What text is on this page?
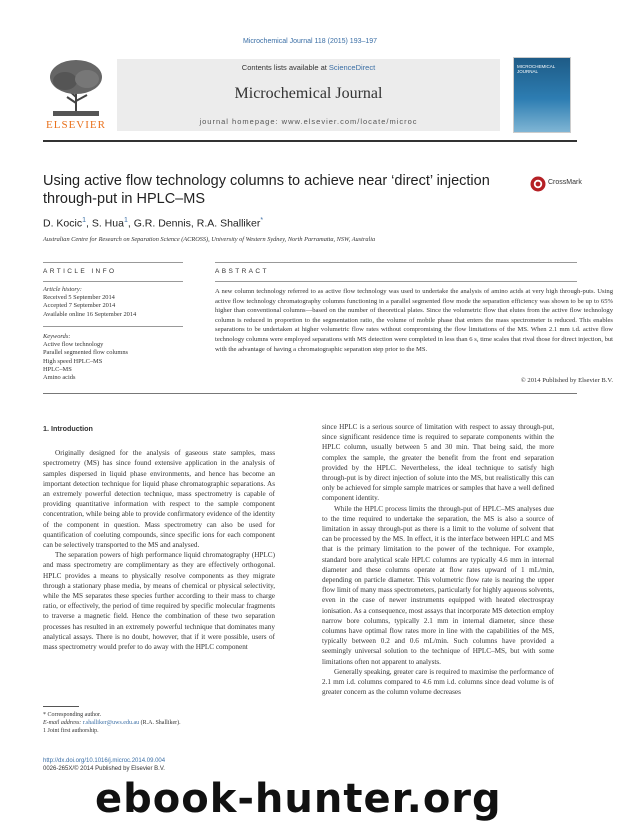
Microchemical Journal 118 (2015) 193–197
ELSEVIER
Contents lists available at ScienceDirect
Microchemical Journal
journal homepage: www.elsevier.com/locate/microc
MICROCHEMICAL JOURNAL
Using active flow technology columns to achieve near ‘direct’ injection
through-put in HPLC–MS
CrossMark
D. Kocic$^1$, S. Hua$^1$, G.R. Dennis, R.A. Shalliker*
Australian Centre for Research on Separation Science (ACROSS), University of Western Sydney, North Parramatta, NSW, Australia
ARTICLE INFO	ABSTRACT
Article history:
Received 5 September 2014
Accepted 7 September 2014
Available online 16 September 2014
Keywords:
Active flow technology
Parallel segmented flow columns
High speed HPLC–MS
HPLC–MS
Amino acids
A new column technology referred to as active flow technology was used to undertake the analysis of amino acids at very high through-puts. Using active flow technology chromatography columns functioning in a parallel segmented flow mode the separation efficiency was shown to be up to 65% higher than conventional columns—based on the number of theoretical plates. Since the volumetric flow that elutes from the active flow technology column is reduced in proportion to the segmentation ratio, the volume of mobile phase that enters the mass spectrometer is reduced. This enables separations to be undertaken at higher volumetric flow rates without compromising the flow limitations of the MS. When 2.1 mm i.d. active flow technology columns were employed separations with MS detection were completed in less than 6 s, time scales that rival those for direct injection, but with the advantage of having a chromatographic separation step prior to the MS.
© 2014 Published by Elsevier B.V.
1. Introduction

Originally designed for the analysis of gaseous state samples, mass spectrometry (MS) has since found extensive application in the analysis of samples dispersed in liquid phase environments, and hence has become an important detection technique for liquid phase chromatographic separations. As an extremely powerful detection technique, mass spectrometry is capable of providing quantitative information with respect to the sample component concentration, while being able to provide confirmatory evidence of the identity of the component in question. Mass spectrometry can also be used for quantification of coeluting compounds, since specific ions for each component can be selectively transported to the MS and analysed.

The separation powers of high performance liquid chromatography (HPLC) and mass spectrometry are complimentary as they are effectively orthogonal. HPLC provides a means to physically resolve components as they migrate through a stationary phase media, by means of chemical or physical selectivity, while the MS separates these species further according to their mass to charge ratio, or effectively, the period of time required by specific molecular fragments to traverse a magnetic field. Hence the combination of these two separation processes has resulted in an extremely powerful technique that dominates many analytical assays. There is no doubt, however, that if it were possible, users of mass spectrometry would prefer to do away with the HPLC component

since HPLC is a serious source of limitation with respect to assay through-put, since significant residence time is required to separate components within the HPLC column, usually between 5 and 30 min. That being said, the more complex the sample, the greater the benefit from the front end separation provided by the HPLC. Nevertheless, the ideal technique to satisfy high through-put is by direct injection of solute into the MS, but realistically this can only be achieved for simple sample matrices or samples that have a well defined component identity.

While the HPLC process limits the through-put of HPLC–MS analyses due to the time required to undertake the separation, the MS is also a source of limitation in assay through-put as there is a limit to the volume of solvent that can be processed by the MS. In effect, it is the interface between HPLC and MS that is the primary limitation to the power of the technique. For example, standard bore analytical scale HPLC columns are typically 4.6 mm in internal diameter and these columns operate at flow rates upward of 1 mL/min, depending on particle diameter. This volumetric flow rate is nearing the upper flow limit of many mass spectrometers, particularly for highly aqueous solvents, even in the case of newer instruments equipped with heated electrospray ionisation. As a consequence, most assays that incorporate MS detection employ narrow bore columns, typically 2.1 mm in internal diameter, since these columns have optimal flow rates more in line with the capabilities of the MS, typically between 0.2 and 0.6 mL/min. Such columns have provided a seemingly universal solution to the technique of HPLC–MS, but with some limitations often not apparent to analysts.

Generally speaking, greater care is required to maximise the performance of 2.1 mm i.d. columns compared to 4.6 mm i.d. columns since dead volume is of greater concern as the column volume decreases

* Corresponding author.
E-mail address: r.shalliker@uws.edu.au (R.A. Shalliker).
1 Joint first authorship.
http://dx.doi.org/10.1016/j.microc.2014.09.004
0026-265X/© 2014 Published by Elsevier B.V.
ebook-hunter.org
